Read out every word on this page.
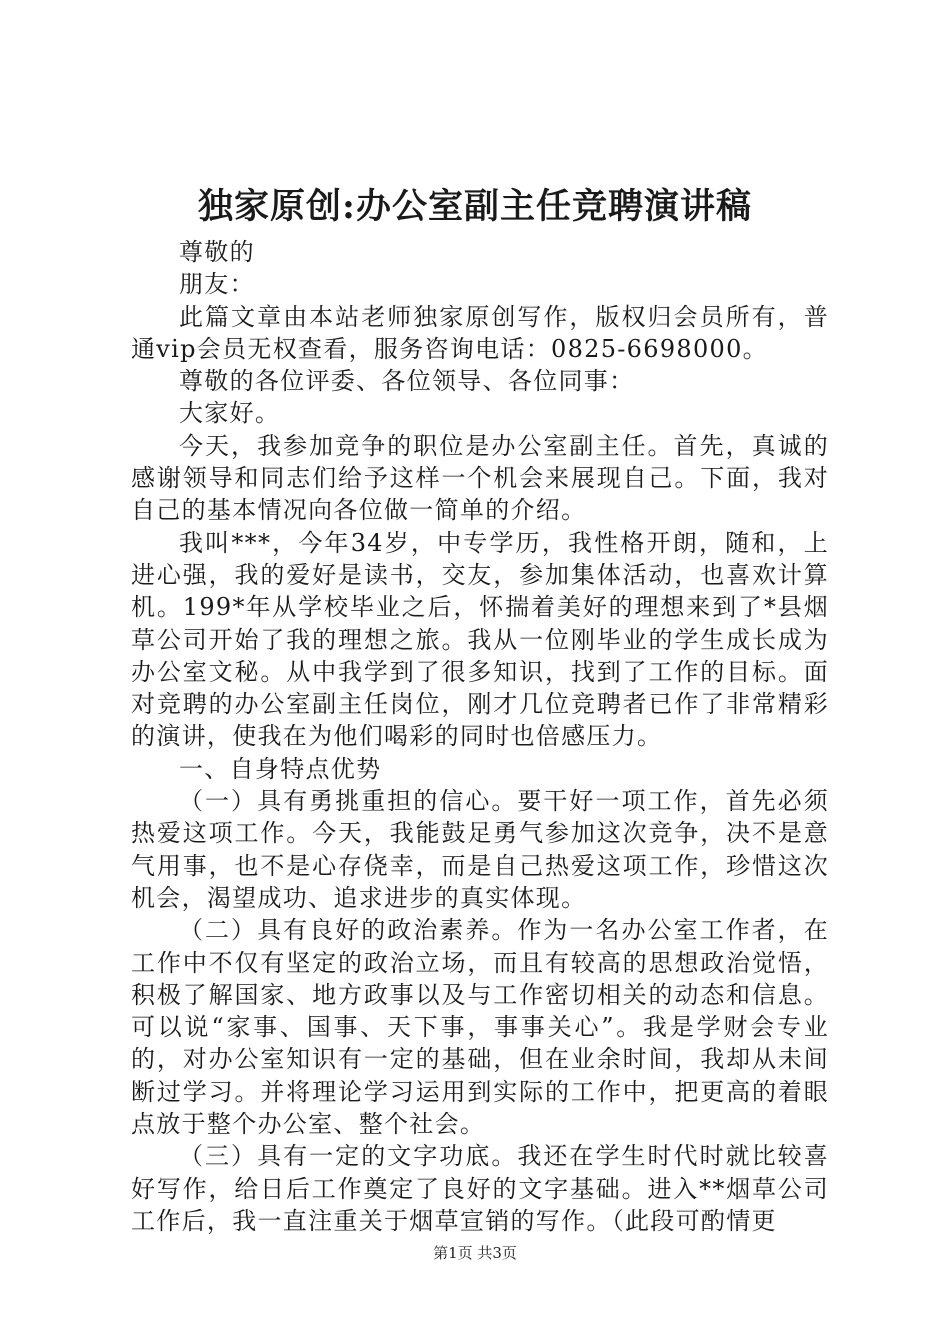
独家原创:办公室副主任竞聘演讲稿

尊敬的

朋友：

此篇文章由本站老师独家原创写作，版权归会员所有，普通vip会员无权查看，服务咨询电话：0825-6698000。

尊敬的各位评委、各位领导、各位同事：

大家好。

今天，我参加竞争的职位是办公室副主任。首先，真诚的感谢领导和同志们给予这样一个机会来展现自己。下面，我对自己的基本情况向各位做一简单的介绍。

我叫***，今年34岁，中专学历，我性格开朗，随和，上进心强，我的爱好是读书，交友，参加集体活动，也喜欢计算机。199*年从学校毕业之后，怀揣着美好的理想来到了*县烟草公司开始了我的理想之旅。我从一位刚毕业的学生成长成为办公室文秘。从中我学到了很多知识，找到了工作的目标。面对竞聘的办公室副主任岗位，刚才几位竞聘者已作了非常精彩的演讲，使我在为他们喝彩的同时也倍感压力。

一、自身特点优势

（一）具有勇挑重担的信心。要干好一项工作，首先必须热爱这项工作。今天，我能鼓足勇气参加这次竞争，决不是意气用事，也不是心存侥幸，而是自己热爱这项工作，珍惜这次机会，渴望成功、追求进步的真实体现。

（二）具有良好的政治素养。作为一名办公室工作者，在工作中不仅有坚定的政治立场，而且有较高的思想政治觉悟，积极了解国家、地方政事以及与工作密切相关的动态和信息。可以说“家事、国事、天下事，事事关心”。我是学财会专业的，对办公室知识有一定的基础，但在业余时间，我却从未间断过学习。并将理论学习运用到实际的工作中，把更高的着眼点放于整个办公室、整个社会。

（三）具有一定的文字功底。我还在学生时代时就比较喜好写作，给日后工作奠定了良好的文字基础。进入**烟草公司工作后，我一直注重关于烟草宣销的写作。（此段可酌情更

第1页 共3页
